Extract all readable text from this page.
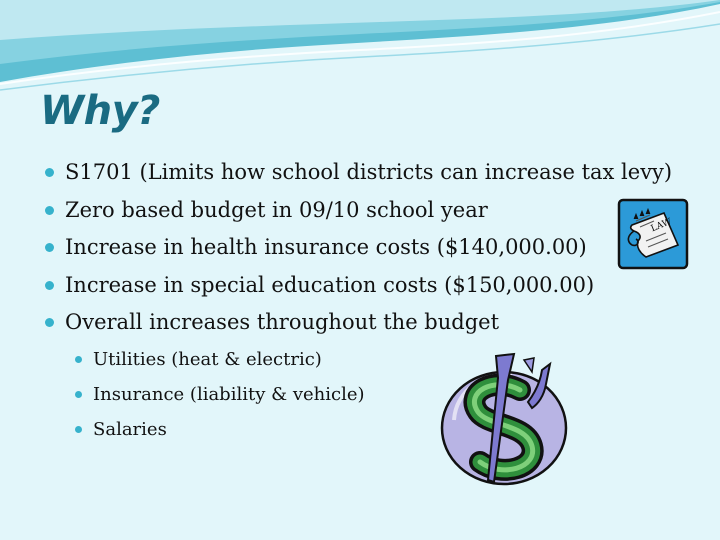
Why?
S1701 (Limits how school districts can increase tax levy)
Zero based budget in 09/10 school year
Increase in health insurance costs ($140,000.00)
Increase in special education costs ($150,000.00)
Overall increases throughout the budget
Utilities (heat & electric)
Insurance (liability & vehicle)
Salaries
LAW
